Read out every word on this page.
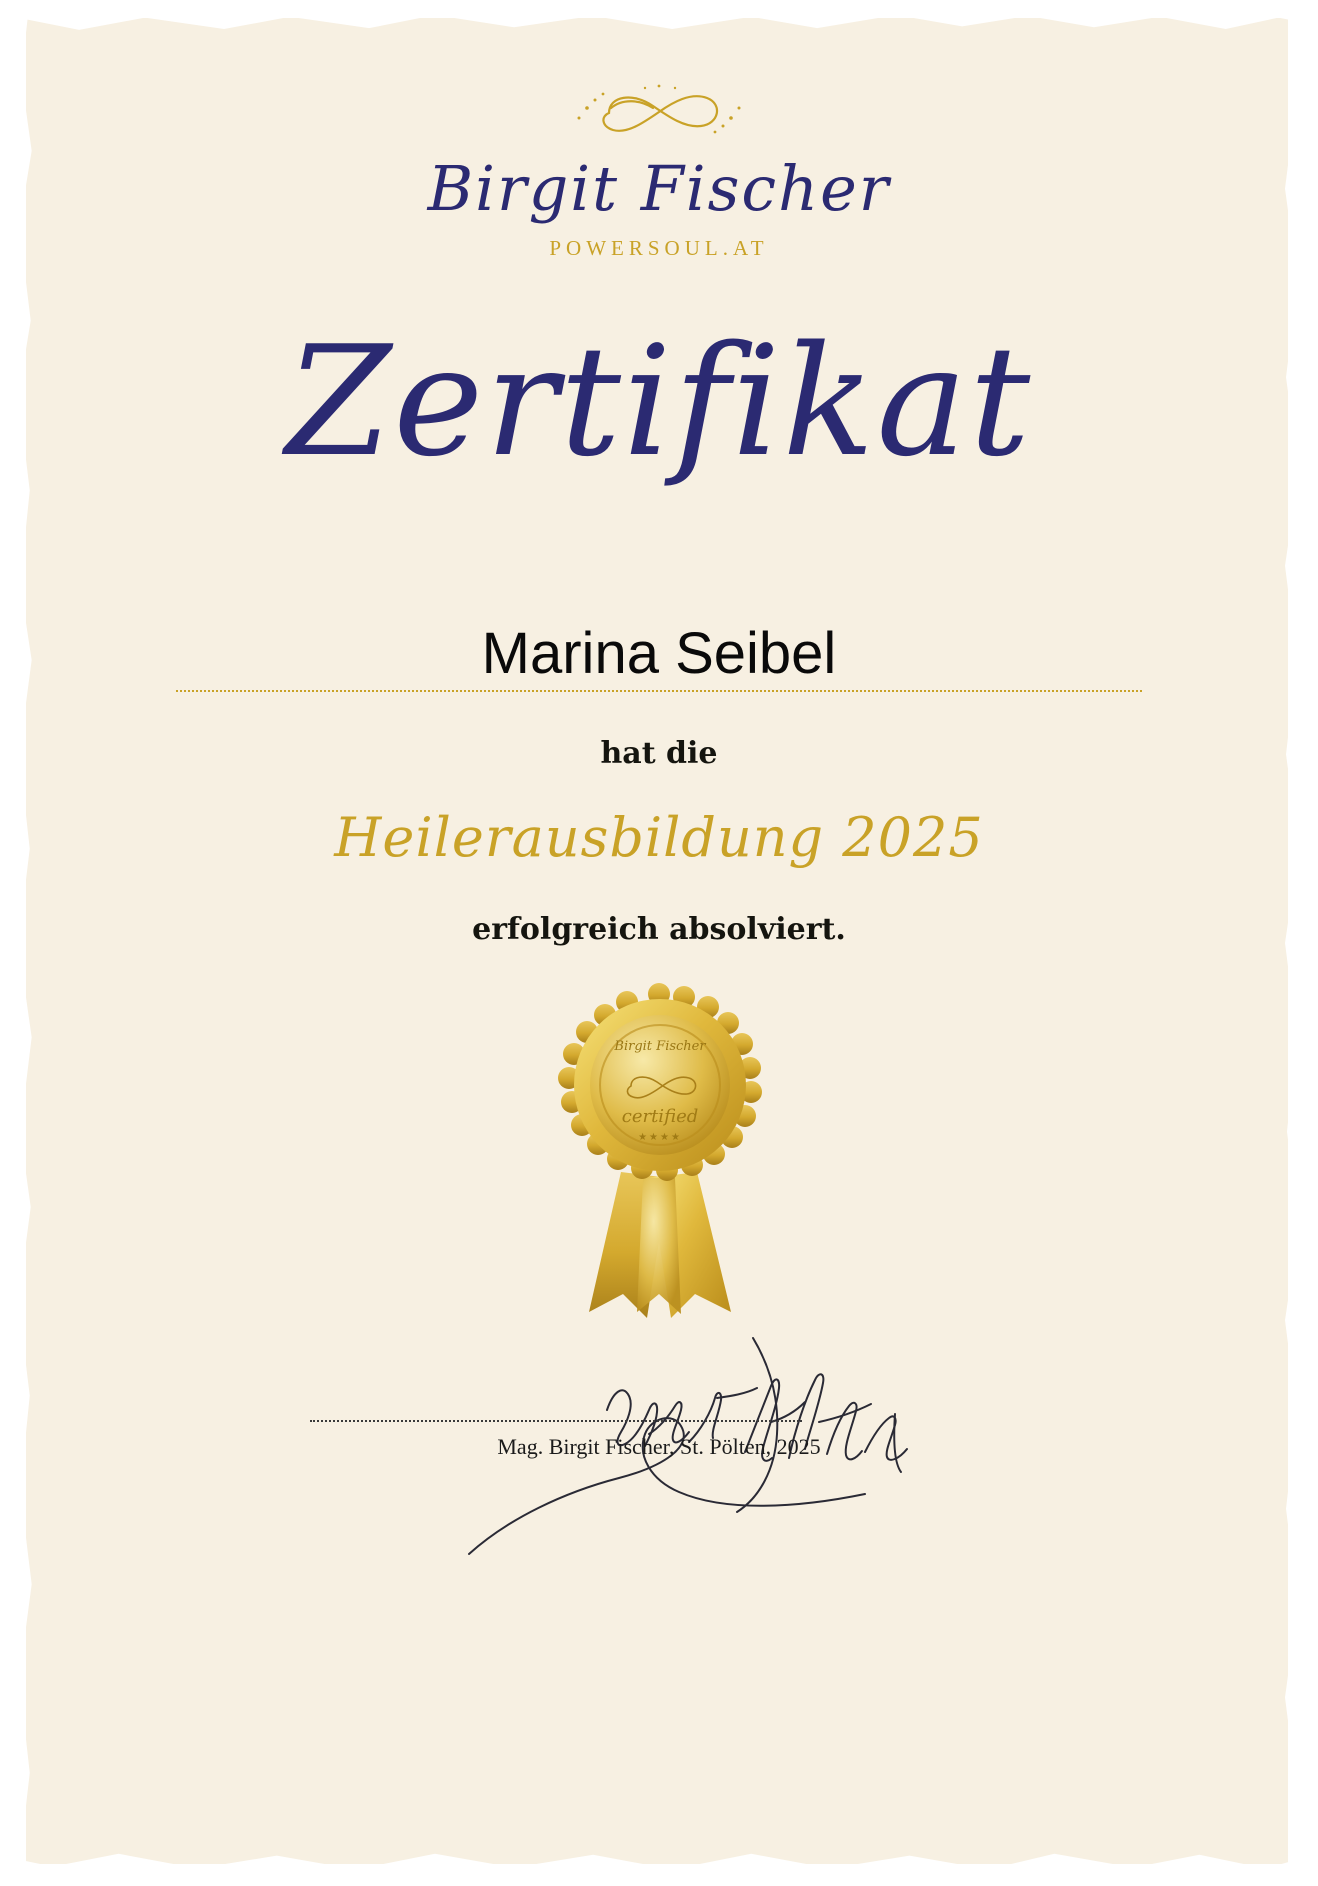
Birgit Fischer
POWERSOUL.AT
Zertifikat
Marina Seibel
hat die
Heilerausbildung 2025
erfolgreich absolviert.
Birgit Fischer
certified
★★★★
Mag. Birgit Fischer, St. Pölten, 2025
